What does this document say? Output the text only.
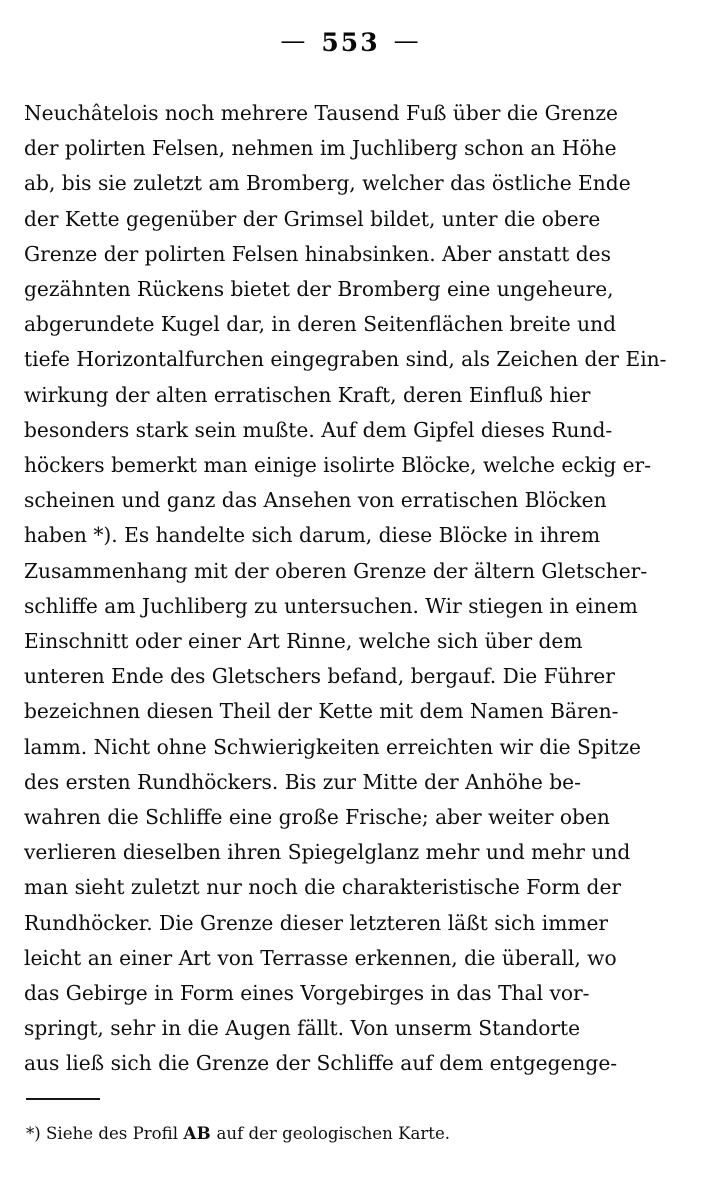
— 553 —
Neuchâtelois noch mehrere Tausend Fuß über die Grenze
der polirten Felsen, nehmen im Juchliberg schon an Höhe
ab, bis sie zuletzt am Bromberg, welcher das östliche Ende
der Kette gegenüber der Grimsel bildet, unter die obere
Grenze der polirten Felsen hinabsinken. Aber anstatt des
gezähnten Rückens bietet der Bromberg eine ungeheure,
abgerundete Kugel dar, in deren Seitenflächen breite und
tiefe Horizontalfurchen eingegraben sind, als Zeichen der Ein-
wirkung der alten erratischen Kraft, deren Einfluß hier
besonders stark sein mußte. Auf dem Gipfel dieses Rund-
höckers bemerkt man einige isolirte Blöcke, welche eckig er-
scheinen und ganz das Ansehen von erratischen Blöcken
haben *). Es handelte sich darum, diese Blöcke in ihrem
Zusammenhang mit der oberen Grenze der ältern Gletscher-
schliffe am Juchliberg zu untersuchen. Wir stiegen in einem
Einschnitt oder einer Art Rinne, welche sich über dem
unteren Ende des Gletschers befand, bergauf. Die Führer
bezeichnen diesen Theil der Kette mit dem Namen Bären-
lamm. Nicht ohne Schwierigkeiten erreichten wir die Spitze
des ersten Rundhöckers. Bis zur Mitte der Anhöhe be-
wahren die Schliffe eine große Frische; aber weiter oben
verlieren dieselben ihren Spiegelglanz mehr und mehr und
man sieht zuletzt nur noch die charakteristische Form der
Rundhöcker. Die Grenze dieser letzteren läßt sich immer
leicht an einer Art von Terrasse erkennen, die überall, wo
das Gebirge in Form eines Vorgebirges in das Thal vor-
springt, sehr in die Augen fällt. Von unserm Standorte
aus ließ sich die Grenze der Schliffe auf dem entgegenge-
*) Siehe des Profil AB auf der geologischen Karte.
